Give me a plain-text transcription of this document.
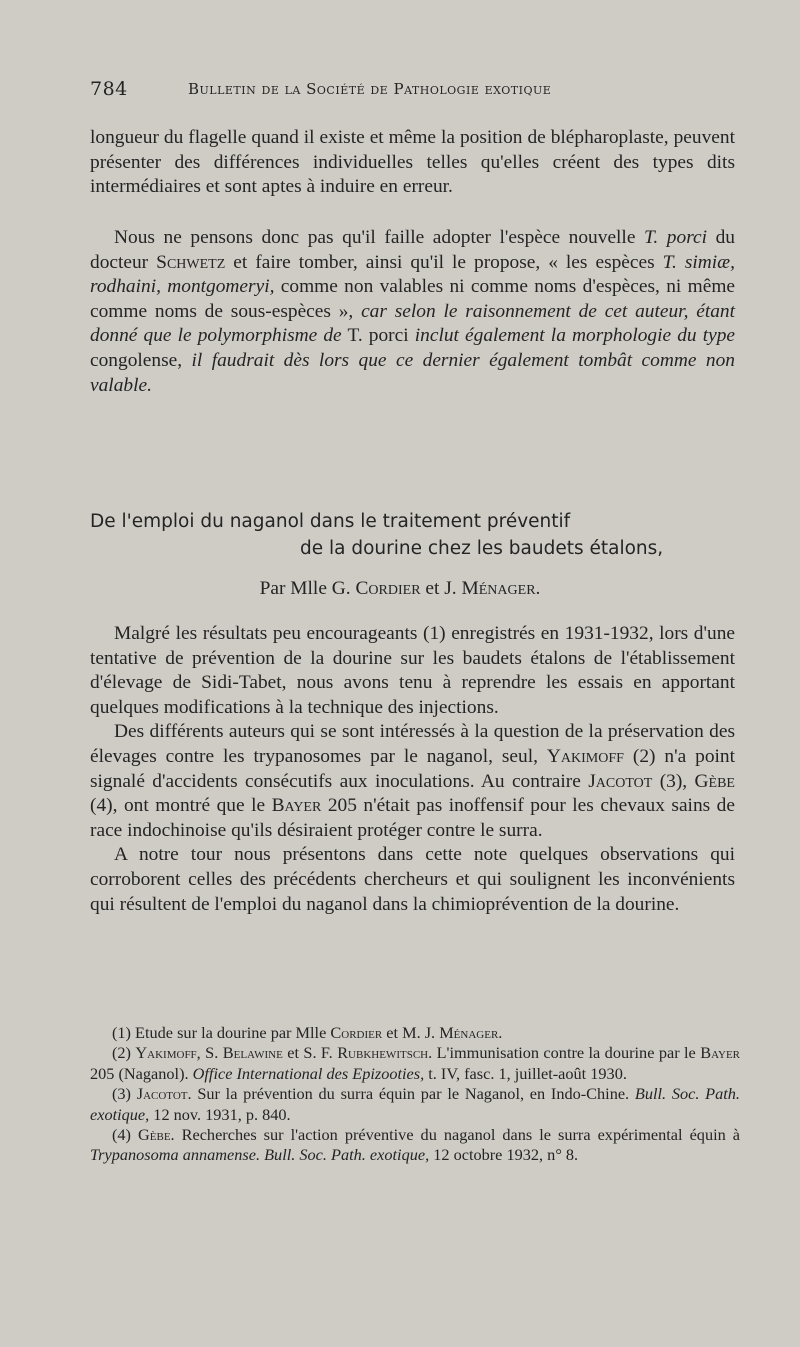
784	Bulletin de la Société de Pathologie exotique

longueur du flagelle quand il existe et même la position de blépharoplaste, peuvent présenter des différences individuelles telles qu'elles créent des types dits intermédiaires et sont aptes à induire en erreur.

Nous ne pensons donc pas qu'il faille adopter l'espèce nouvelle T. porci du docteur Schwetz et faire tomber, ainsi qu'il le propose, « les espèces T. simiæ, rodhaini, montgomeryi, comme non valables ni comme noms d'espèces, ni même comme noms de sous-espèces », car selon le raisonnement de cet auteur, étant donné que le polymorphisme de T. porci inclut également la morphologie du type congolense, il faudrait dès lors que ce dernier également tombât comme non valable.
De l'emploi du naganol dans le traitement préventif
de la dourine chez les baudets étalons,
Par Mlle G. Cordier et J. Ménager.

Malgré les résultats peu encourageants (1) enregistrés en 1931-1932, lors d'une tentative de prévention de la dourine sur les baudets étalons de l'établissement d'élevage de Sidi-Tabet, nous avons tenu à reprendre les essais en apportant quelques modifications à la technique des injections.

Des différents auteurs qui se sont intéressés à la question de la préservation des élevages contre les trypanosomes par le naganol, seul, Yakimoff (2) n'a point signalé d'accidents consécutifs aux inoculations. Au contraire Jacotot (3), Gèbe (4), ont montré que le Bayer 205 n'était pas inoffensif pour les chevaux sains de race indochinoise qu'ils désiraient protéger contre le surra.

A notre tour nous présentons dans cette note quelques observations qui corroborent celles des précédents chercheurs et qui soulignent les inconvénients qui résultent de l'emploi du naganol dans la chimioprévention de la dourine.

(1) Etude sur la dourine par Mlle Cordier et M. J. Ménager.

(2) Yakimoff, S. Belawine et S. F. Rubkhewitsch. L'immunisation contre la dourine par le Bayer 205 (Naganol). Office International des Epizooties, t. IV, fasc. 1, juillet-août 1930.

(3) Jacotot. Sur la prévention du surra équin par le Naganol, en Indo-Chine. Bull. Soc. Path. exotique, 12 nov. 1931, p. 840.

(4) Gèbe. Recherches sur l'action préventive du naganol dans le surra expérimental équin à Trypanosoma annamense. Bull. Soc. Path. exotique, 12 octobre 1932, n° 8.
